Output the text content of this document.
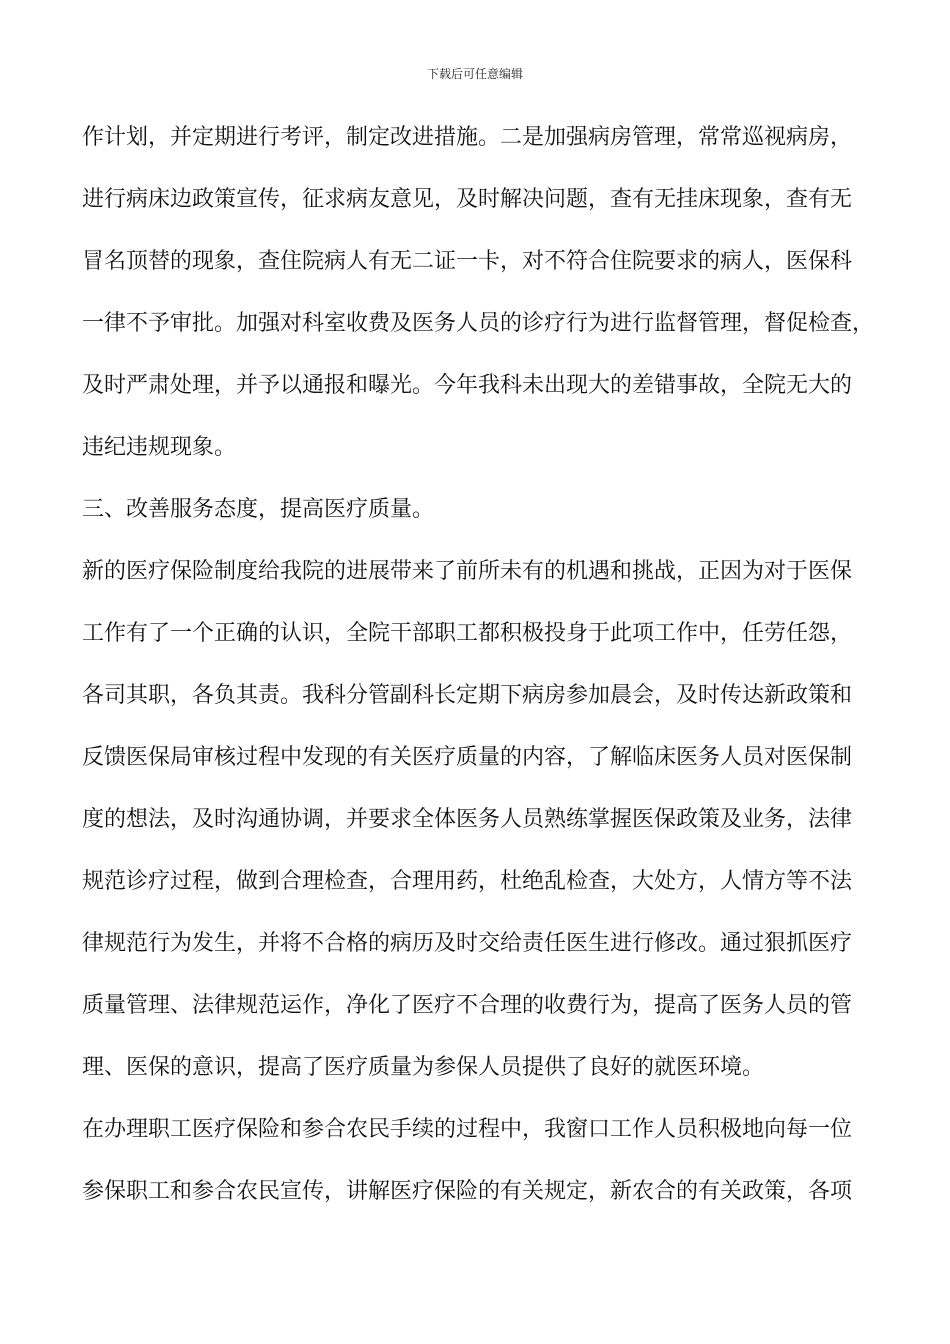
下载后可任意编辑
作计划，并定期进行考评，制定改进措施。二是加强病房管理，常常巡视病房，
进行病床边政策宣传，征求病友意见，及时解决问题，查有无挂床现象，查有无
冒名顶替的现象，查住院病人有无二证一卡，对不符合住院要求的病人，医保科
一律不予审批。加强对科室收费及医务人员的诊疗行为进行监督管理，督促检查，
及时严肃处理，并予以通报和曝光。今年我科未出现大的差错事故，全院无大的
违纪违规现象。
三、改善服务态度，提高医疗质量。
新的医疗保险制度给我院的进展带来了前所未有的机遇和挑战，正因为对于医保
工作有了一个正确的认识，全院干部职工都积极投身于此项工作中，任劳任怨，
各司其职，各负其责。我科分管副科长定期下病房参加晨会，及时传达新政策和
反馈医保局审核过程中发现的有关医疗质量的内容，了解临床医务人员对医保制
度的想法，及时沟通协调，并要求全体医务人员熟练掌握医保政策及业务，法律
规范诊疗过程，做到合理检查，合理用药，杜绝乱检查，大处方，人情方等不法
律规范行为发生，并将不合格的病历及时交给责任医生进行修改。通过狠抓医疗
质量管理、法律规范运作，净化了医疗不合理的收费行为，提高了医务人员的管
理、医保的意识，提高了医疗质量为参保人员提供了良好的就医环境。
在办理职工医疗保险和参合农民手续的过程中，我窗口工作人员积极地向每一位
参保职工和参合农民宣传，讲解医疗保险的有关规定，新农合的有关政策，各项
